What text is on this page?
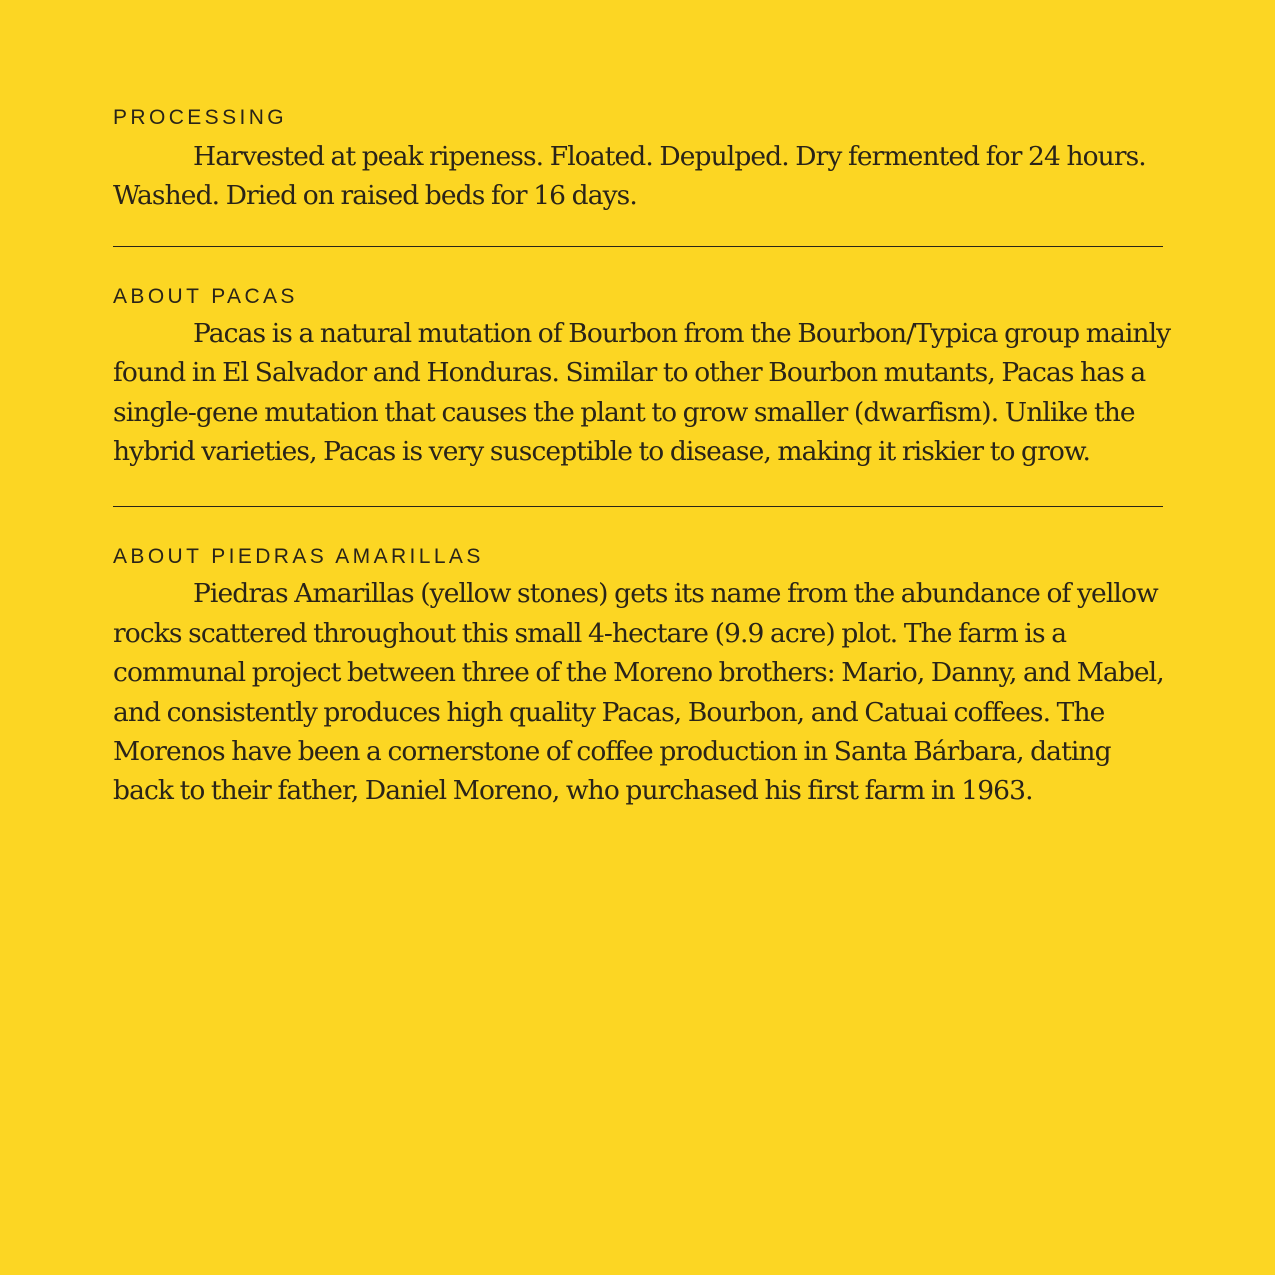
PROCESSING

Harvested at peak ripeness. Floated. Depulped. Dry fermented for 24 hours. Washed. Dried on raised beds for 16 days.

ABOUT PACAS

Pacas is a natural mutation of Bourbon from the Bourbon/Typica group mainly found in El Salvador and Honduras. Similar to other Bourbon mutants, Pacas has a single-gene mutation that causes the plant to grow smaller (dwarfism). Unlike the hybrid varieties, Pacas is very susceptible to disease, making it riskier to grow.

ABOUT PIEDRAS AMARILLAS

Piedras Amarillas (yellow stones) gets its name from the abundance of yellow rocks scattered throughout this small 4-hectare (9.9 acre) plot. The farm is a communal project between three of the Moreno brothers: Mario, Danny, and Mabel, and consistently produces high quality Pacas, Bourbon, and Catuai coffees. The Morenos have been a cornerstone of coffee production in Santa Bárbara, dating back to their father, Daniel Moreno, who purchased his first farm in 1963.
